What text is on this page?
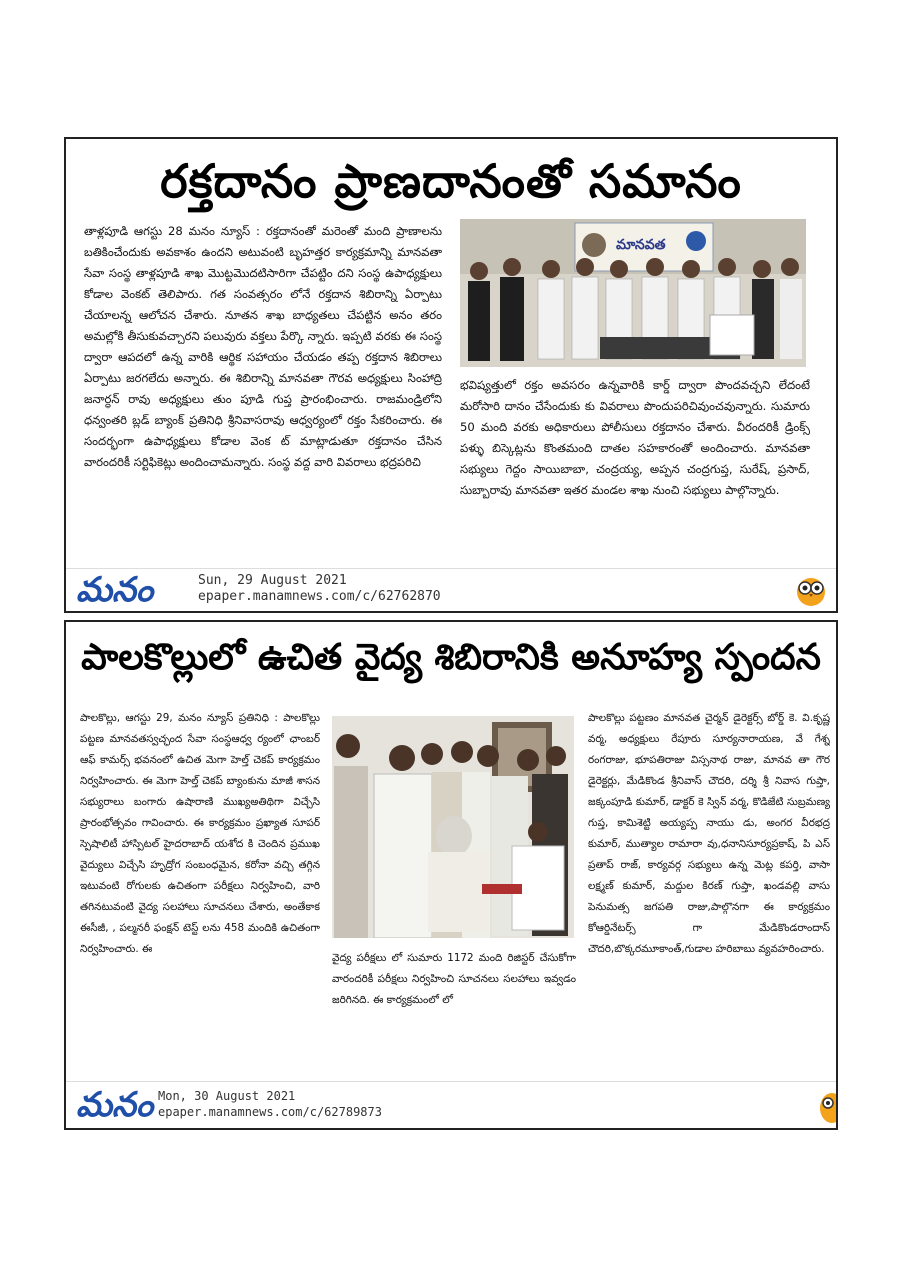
రక్తదానం ప్రాణదానంతో సమానం
తాళ్లపూడి ఆగస్టు 28 మనం న్యూస్ : రక్తదానంతో మరెంతో మంది ప్రాణాలను బతికించేందుకు అవకాశం ఉందని అటువంటి బృహత్తర కార్యక్రమాన్ని మానవతా సేవా సంస్థ తాళ్లపూడి శాఖ మొట్టమొదటిసారిగా చేపట్టిం దని సంస్థ ఉపాధ్యక్షులు కోడాల వెంకట్ తెలిపారు. గత సంవత్సరం లోనే రక్తదాన శిబిరాన్ని ఏర్పాటు చేయాలన్న ఆలోచన చేశారు. నూతన శాఖ బాధ్యతలు చేపట్టిన అనం తరం అమల్లోకి తీసుకువచ్చారని పలువురు వక్తలు పేర్కొ న్నారు. ఇప్పటి వరకు ఈ సంస్థ ద్వారా ఆపదలో ఉన్న వారికి ఆర్థిక సహాయం చేయడం తప్ప రక్తదాన శిబిరాలు ఏర్పాటు జరగలేదు అన్నారు. ఈ శిబిరాన్ని మానవతా గౌరవ అధ్యక్షులు సింహాద్రి జనార్ధన్ రావు అధ్యక్షులు తుం పూడి గుప్త ప్రారంభించారు. రాజమండ్రిలోని ధన్వంతరి బ్లడ్ బ్యాంక్ ప్రతినిధి శ్రీనివాసరావు ఆధ్వర్యంలో రక్తం సేకరించారు. ఈ సందర్భంగా ఉపాధ్యక్షులు కోడాల వెంక ట్ మాట్లాడుతూ రక్తదానం చేసిన వారందరికీ సర్టిఫికెట్లు అందించామన్నారు. సంస్థ వద్ద వారి వివరాలు భద్రపరిచి
మానవత
భవిష్యత్తులో రక్తం అవసరం ఉన్నవారికి కార్డ్ ద్వారా పొందవచ్చని లేదంటే మరోసారి దానం చేసేందుకు కు వివరాలు పొందుపరిచివుంచవున్నారు. సుమారు 50 మంది వరకు అధికారులు పోలీసులు రక్తదానం చేశారు. వీరందరికీ డ్రింక్స్ పళ్ళు బిస్కెట్లను కొంతమంది దాతల సహకారంతో అందించారు. మానవతా సభ్యులు గెద్దం సాయిబాబా, చంద్రయ్య, అప్పన చంద్రగుప్త, సురేష్, ప్రసాద్, సుబ్బారావు మానవతా ఇతర మండల శాఖ నుంచి సభ్యులు పాల్గొన్నారు.
మనం	Sun, 29 August 2021
epaper.manamnews.com/c/62762870
పాలకొల్లులో ఉచిత వైద్య శిబిరానికి అనూహ్య స్పందన
పాలకొల్లు, ఆగస్టు 29, మనం న్యూస్ ప్రతినిధి : పాలకొల్లు పట్టణ మానవతస్వచ్ఛంద సేవా సంస్థఆధ్వ ర్యంలో ఛాంబర్ ఆఫ్ కామర్స్ భవనంలో ఉచిత మెగా హెల్త్ చెకప్ కార్యక్రమం నిర్వహించారు. ఈ మెగా హెల్త్ చెకప్ బ్యాంకును మాజీ శాసన సభ్యురాలు బంగారు ఉషారాణి ముఖ్యఅతిథిగా విచ్చేసి ప్రారంభోత్సవం గావించారు. ఈ కార్యక్రమం ప్రఖ్యాత సూపర్ స్పెషాలిటీ హాస్పిటల్ హైదరాబాద్ యశోద కి చెందిన ప్రముఖ వైద్యులు విచ్చేసి హృద్రోగ సంబంధమైన, కరోనా వచ్చి తగ్గిన ఇటువంటి రోగులకు ఉచితంగా పరీక్షలు నిర్వహించి, వారి తగినటువంటి వైద్య సలహాలు సూచనలు చేశారు, అంతేకాక ఈసీజీ, , పల్మనరీ ఫంక్షన్ టెస్ట్ లను 458 మందికి ఉచితంగా నిర్వహించారు. ఈ
వైద్య పరీక్షలు లో సుమారు 1172 మంది రిజిస్టర్ చేసుకోగా వారందరికీ పరీక్షలు నిర్వహించి సూచనలు సలహాలు ఇవ్వడం జరిగినది. ఈ కార్యక్రమంలో లో
పాలకొల్లు పట్టణం మానవత చైర్మన్ డైరెక్టర్స్ బోర్డ్ కె. వి.కృష్ణ వర్మ, అధ్యక్షులు రేపూరు సూర్యనారాయణ, వే గేశ్న రంగరాజు, భూపతిరాజు విస్సనాథ రాజు, మానవ తా గౌర డైరెక్టర్లు, మేడికొండ శ్రీనివాస్ చౌదరి, దర్శి శ్రీ నివాస గుప్తా, జక్కంపూడి కుమార్, డాక్టర్ కె స్విన్ వర్మ, కొడిజేటి సుబ్రమణ్య గుప్త, కామిశెట్టి అయ్యప్ప నాయు డు, అంగర వీరభద్ర కుమార్, ముత్యాల రామారా వు,ధనానిసూర్యప్రకాష్, పి ఎస్ ప్రతాప్ రాజ్, కార్యవర్గ సభ్యులు ఉన్న మెట్ల కపర్తి, వాసా లక్ష్మణ్ కుమార్, మద్దుల కిరణ్ గుప్తా, ఖండవల్లి వాసు పెనుమత్స జగపతి రాజు,పాల్గొనగా ఈ కార్యక్రమం కోఆర్డినేటర్స్ గా మేడికొండరాందాస్ చౌదరి,బొక్కరమూకాంత్,గుడాల హరిబాబు వ్యవహరించారు.
మనం Mon, 30 August 2021
epaper.manamnews.com/c/62789873
